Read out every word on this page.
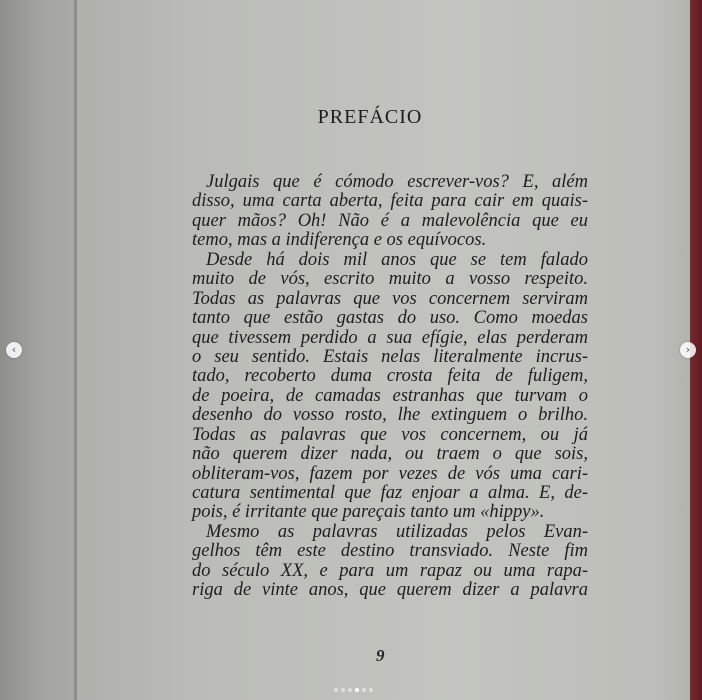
PREFÁCIO
Julgais que é cómodo escrever-vos? E, além
disso, uma carta aberta, feita para cair em quais-
quer mãos? Oh! Não é a malevolência que eu
temo, mas a indiferença e os equívocos.
Desde há dois mil anos que se tem falado
muito de vós, escrito muito a vosso respeito.
Todas as palavras que vos concernem serviram
tanto que estão gastas do uso. Como moedas
que tivessem perdido a sua efígie, elas perderam
o seu sentido. Estais nelas literalmente incrus-
tado, recoberto duma crosta feita de fuligem,
de poeira, de camadas estranhas que turvam o
desenho do vosso rosto, lhe extinguem o brilho.
Todas as palavras que vos concernem, ou já
não querem dizer nada, ou traem o que sois,
obliteram-vos, fazem por vezes de vós uma cari-
catura sentimental que faz enjoar a alma. E, de-
pois, é irritante que pareçais tanto um «hippy».
Mesmo as palavras utilizadas pelos Evan-
gelhos têm este destino transviado. Neste fim
do século XX, e para um rapaz ou uma rapa-
riga de vinte anos, que querem dizer a palavra
9
‹	›
